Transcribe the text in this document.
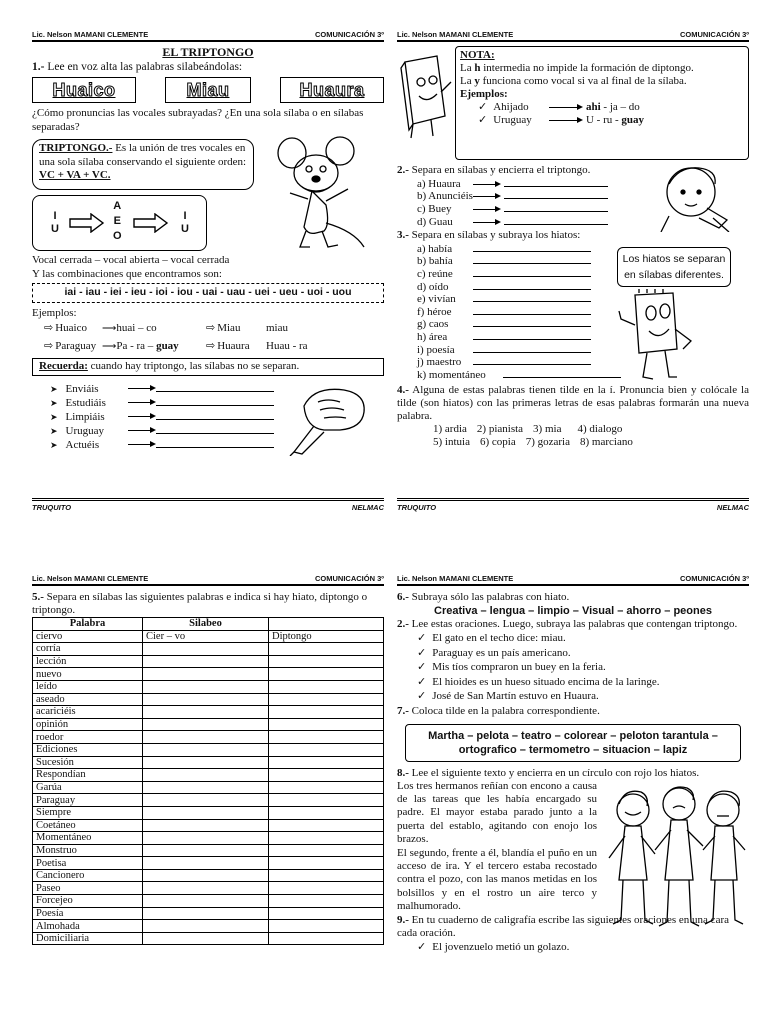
Lic. Nelson MAMANI CLEMENTE	COMUNICACIÓN 3º
EL TRIPTONGO
1.- Lee en voz alta las palabras silabeándolas:
Huaico	Miau	Huaura
¿Cómo pronuncias las vocales subrayadas? ¿En una sola sílaba o en sílabas separadas?
TRIPTONGO.- Es la unión de tres vocales en una sola sílaba conservando el siguiente orden: VC + VA + VC.
I
U
A
E
O
I
U
Vocal cerrada – vocal abierta – vocal cerrada
Y las combinaciones que encontramos son:
iai - iau - iei - ieu - ioi - iou - uai - uau - uei - ueu - uoi - uou
Ejemplos:
⇨ Huaico	⟶huai – co	⇨ Miau	miau
⇨ Paraguay ⟶Pa - ra – guay	⇨ Huaura	Huau - ra
Recuerda: cuando hay triptongo, las sílabas no se separan.
➤ Enviáis
➤ Estudiáis
➤ Limpiáis
➤ Uruguay
➤ Actuéis
TRUQUITO	NELMAC
Lic. Nelson MAMANI CLEMENTE	COMUNICACIÓN 3º
NOTA:
La h intermedia no impide la formación de diptongo.
La y funciona como vocal si va al final de la sílaba.
Ejemplos:
✓ Ahijado	ahi - ja – do
✓ Uruguay	U - ru - guay
2.- Separa en sílabas y encierra el triptongo.
a) Huaura
b) Anunciéis
c) Buey
d) Guau
3.- Separa en sílabas y subraya los hiatos:
a) había
b) bahía
c) reúne
d) oído
e) vivían
f) héroe
g) caos
h) área
i) poesía
j) maestro
k) momentáneo
Los hiatos se separan en sílabas diferentes.
4.- Alguna de estas palabras tienen tilde en la í. Pronuncia bien y colócale la tilde (son hiatos) con las primeras letras de esas palabras formarán una nueva palabra.
1) ardia 2) pianista 3) mia 4) dialogo
5) intuia 6) copia 7) gozaria 8) marciano
TRUQUITO	NELMAC
Lic. Nelson MAMANI CLEMENTE	COMUNICACIÓN 3º
5.- Separa en sílabas las siguientes palabras e indica si hay hiato, diptongo o triptongo.
Palabra	Silabeo	
ciervo	Cier – vo	Diptongo
corría		
lección		
nuevo		
leído		
aseado		
acariciéis		
opinión		
roedor		
Ediciones		
Sucesión		
Respondían		
Garúa		
Paraguay		
Siempre		
Coetáneo		
Momentáneo		
Monstruo		
Poetisa		
Cancionero		
Paseo		
Forcejeo		
Poesía		
Almohada		
Domiciliaria		
Lic. Nelson MAMANI CLEMENTE	COMUNICACIÓN 3º
6.- Subraya sólo las palabras con hiato.
Creativa – lengua – limpio – Visual – ahorro – peones
2.- Lee estas oraciones. Luego, subraya las palabras que contengan triptongo.
✓ El gato en el techo dice: miau.
✓ Paraguay es un país americano.
✓ Mis tíos compraron un buey en la feria.
✓ El hioides es un hueso situado encima de la laringe.
✓ José de San Martín estuvo en Huaura.
7.- Coloca tilde en la palabra correspondiente.
Martha – pelota – teatro – colorear – peloton tarantula – ortografico – termometro – situacion – lapiz
8.- Lee el siguiente texto y encierra en un círculo con rojo los hiatos.
Los tres hermanos reñían con encono a causa de las tareas que les había encargado su padre. El mayor estaba parado junto a la puerta del establo, agitando con enojo los brazos.
El segundo, frente a él, blandía el puño en un acceso de ira. Y el tercero estaba recostado contra el pozo, con las manos metidas en los bolsillos y en el rostro un aire terco y malhumorado.
9.- En tu cuaderno de caligrafía escribe las siguientes oraciones en una cara cada oración.
✓ El jovenzuelo metió un golazo.
